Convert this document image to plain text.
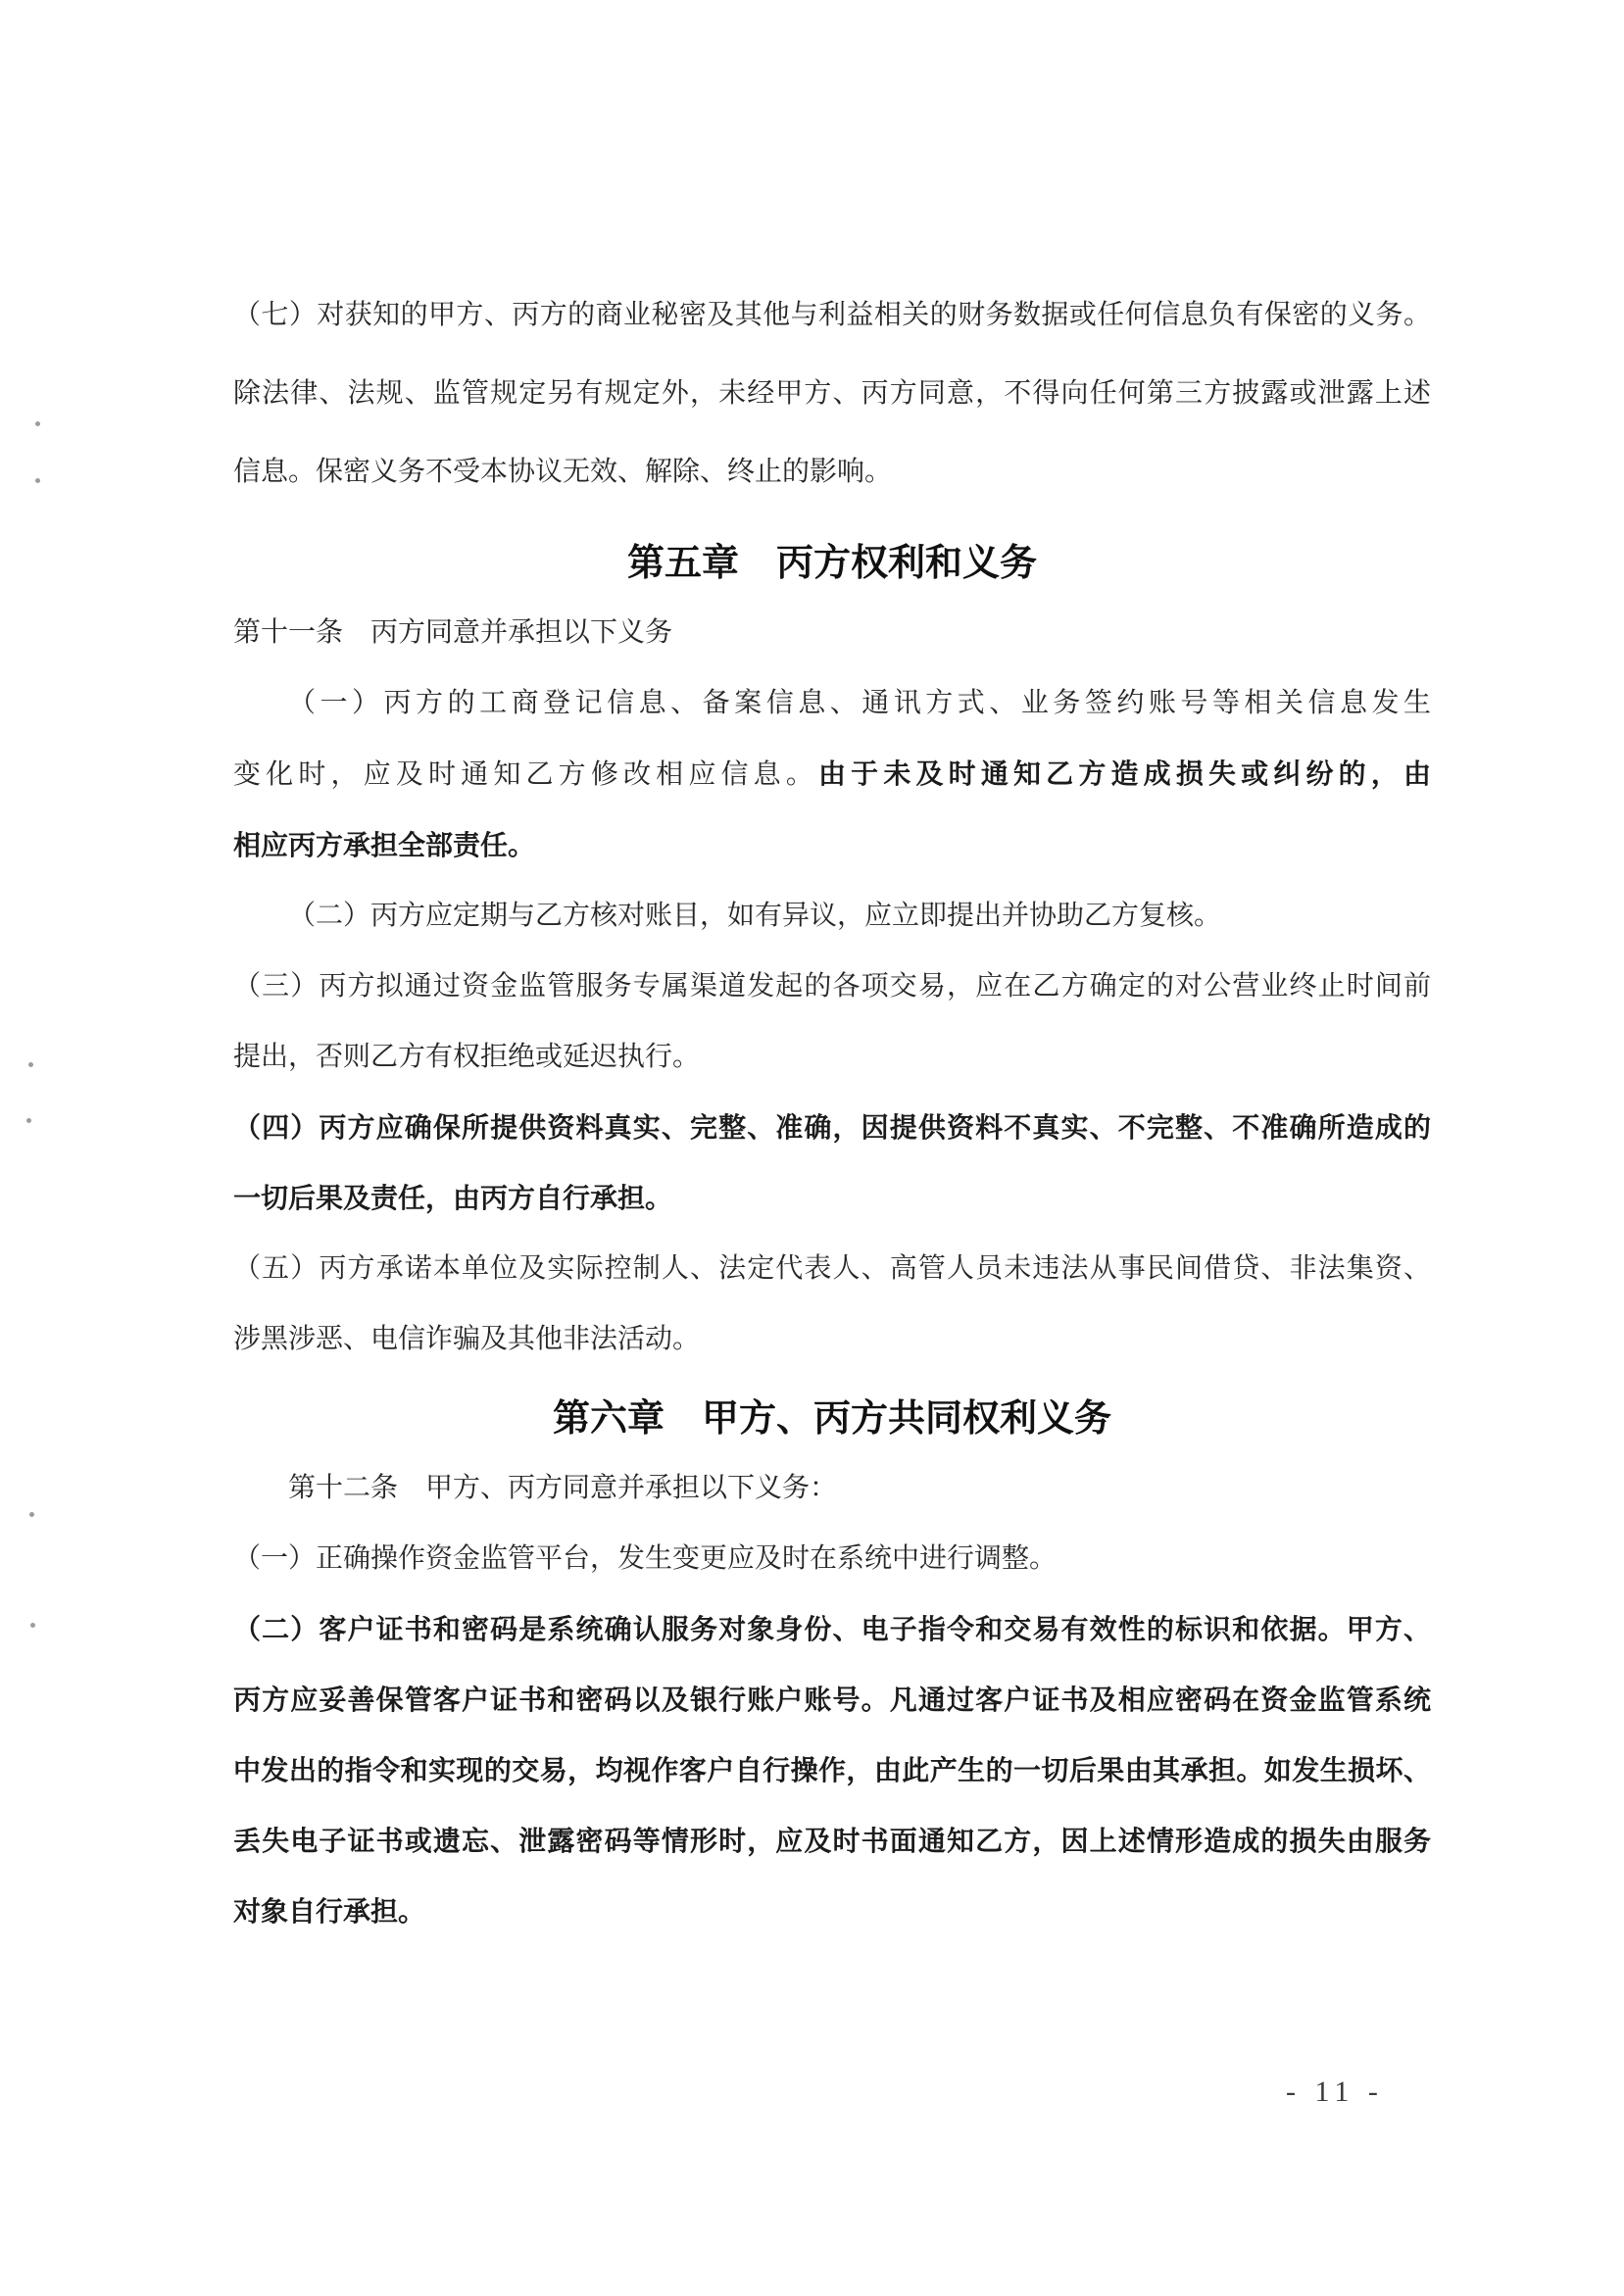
（七）对获知的甲方、丙方的商业秘密及其他与利益相关的财务数据或任何信息负有保密的义务。
除法律、法规、监管规定另有规定外，未经甲方、丙方同意，不得向任何第三方披露或泄露上述
信息。保密义务不受本协议无效、解除、终止的影响。
第五章　丙方权利和义务
第十一条　丙方同意并承担以下义务
（一）丙方的工商登记信息、备案信息、通讯方式、业务签约账号等相关信息发生
变化时，应及时通知乙方修改相应信息。由于未及时通知乙方造成损失或纠纷的，由
相应丙方承担全部责任。
（二）丙方应定期与乙方核对账目，如有异议，应立即提出并协助乙方复核。
（三）丙方拟通过资金监管服务专属渠道发起的各项交易，应在乙方确定的对公营业终止时间前
提出，否则乙方有权拒绝或延迟执行。
（四）丙方应确保所提供资料真实、完整、准确，因提供资料不真实、不完整、不准确所造成的
一切后果及责任，由丙方自行承担。
（五）丙方承诺本单位及实际控制人、法定代表人、高管人员未违法从事民间借贷、非法集资、
涉黑涉恶、电信诈骗及其他非法活动。
第六章　甲方、丙方共同权利义务
第十二条　甲方、丙方同意并承担以下义务：
（一）正确操作资金监管平台，发生变更应及时在系统中进行调整。
（二）客户证书和密码是系统确认服务对象身份、电子指令和交易有效性的标识和依据。甲方、
丙方应妥善保管客户证书和密码以及银行账户账号。凡通过客户证书及相应密码在资金监管系统
中发出的指令和实现的交易，均视作客户自行操作，由此产生的一切后果由其承担。如发生损坏、
丢失电子证书或遗忘、泄露密码等情形时，应及时书面通知乙方，因上述情形造成的损失由服务
对象自行承担。
- 11 -
